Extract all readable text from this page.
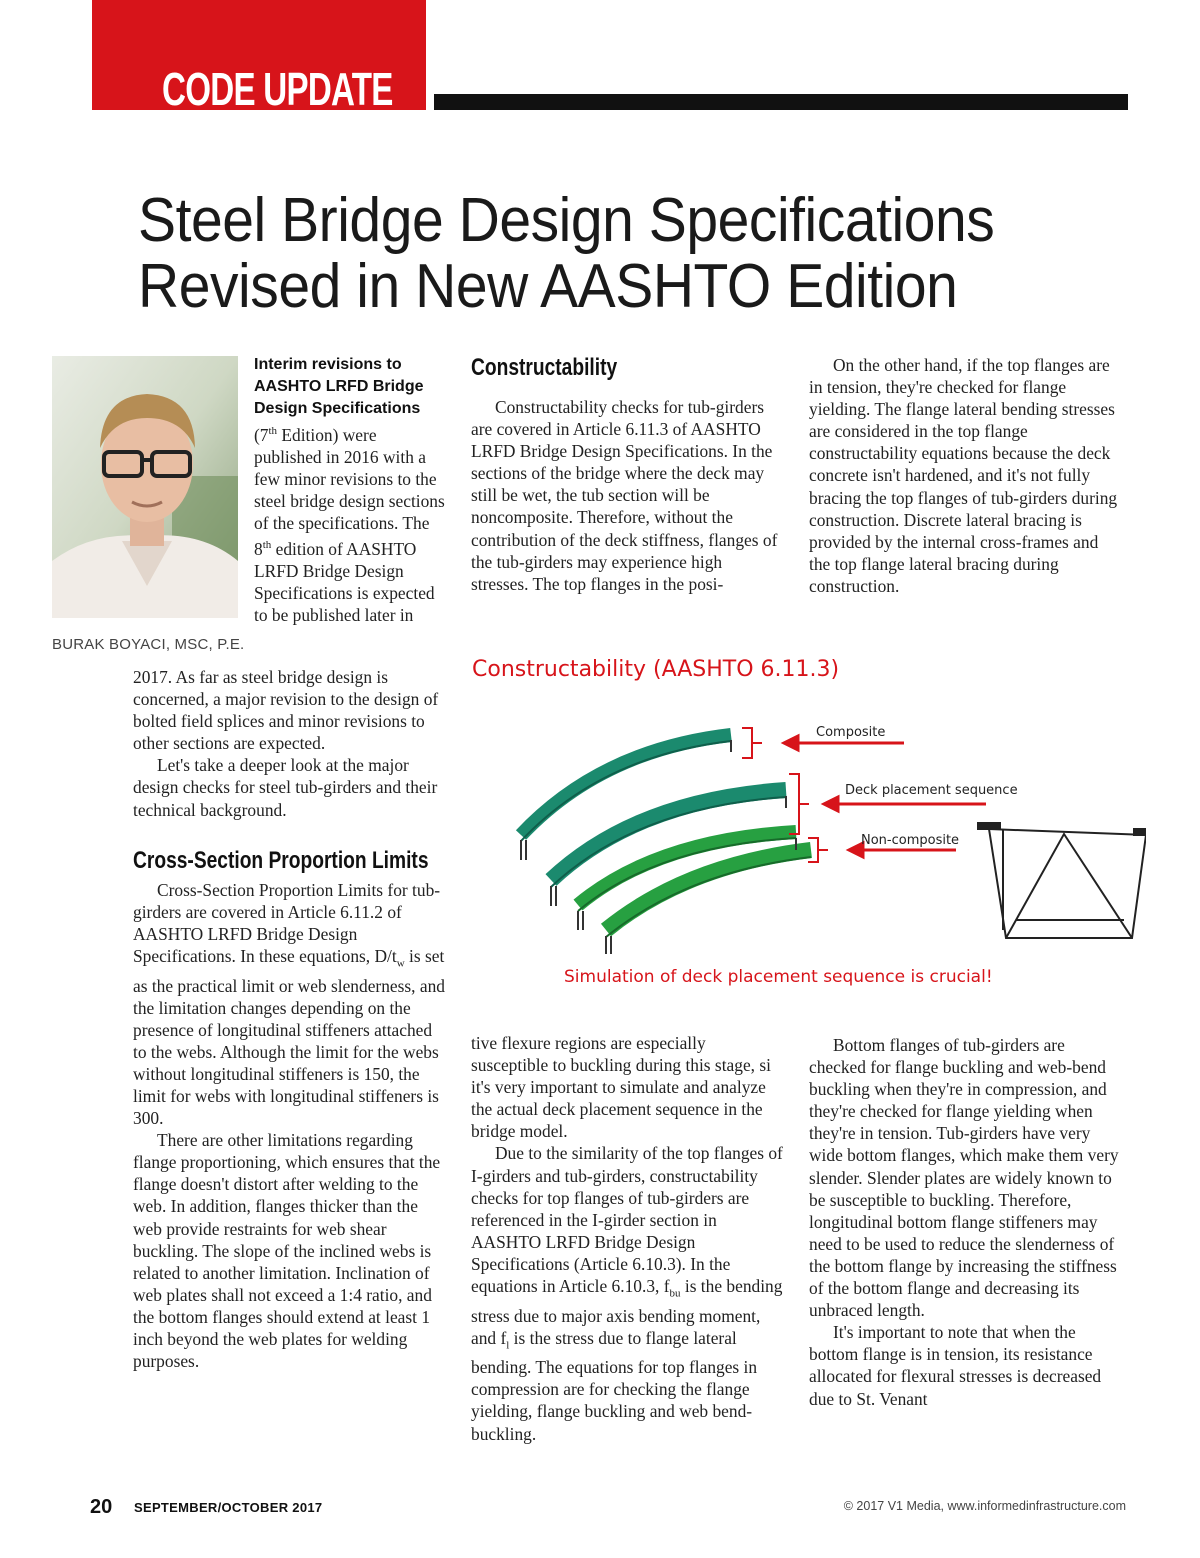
CODE UPDATE
Steel Bridge Design Specifications
Revised in New AASHTO Edition
BURAK BOYACI, MSC, P.E.

Interim revisions to AASHTO LRFD Bridge Design Specifications

(7th Edition) were published in 2016 with a few minor revisions to the steel bridge design sections of the specifications. The 8th edition of AASHTO LRFD Bridge Design Specifications is expected to be published later in

2017. As far as steel bridge design is concerned, a major revision to the design of bolted field splices and minor revisions to other sections are expected.

Let's take a deeper look at the major design checks for steel tub-girders and their technical background.

Cross-Section Proportion Limits

Cross-Section Proportion Limits for tub-girders are covered in Article 6.11.2 of AASHTO LRFD Bridge Design Specifications. In these equations, $D/t_w$ is set as the practical limit or web slenderness, and the limitation changes depending on the presence of longitudinal stiffeners attached to the webs. Although the limit for the webs without longitudinal stiffeners is 150, the limit for webs with longitudinal stiffeners is 300.

There are other limitations regarding flange proportioning, which ensures that the flange doesn't distort after welding to the web. In addition, flanges thicker than the web provide restraints for web shear buckling. The slope of the inclined webs is related to another limitation. Inclination of web plates shall not exceed a 1:4 ratio, and the bottom flanges should extend at least 1 inch beyond the web plates for welding purposes.

Constructability

Constructability checks for tub-girders are covered in Article 6.11.3 of AASHTO LRFD Bridge Design Specifications. In the sections of the bridge where the deck may still be wet, the tub section will be noncomposite. Therefore, without the contribution of the deck stiffness, flanges of the tub-girders may experience high stresses. The top flanges in the posi-

On the other hand, if the top flanges are in tension, they're checked for flange yielding. The flange lateral bending stresses are considered in the top flange constructability equations because the deck concrete isn't hardened, and it's not fully bracing the top flanges of tub-girders during construction. Discrete lateral bracing is provided by the internal cross-frames and the top flange lateral bracing during construction.

Constructability (AASHTO 6.11.3)
Composite
Deck placement sequence
Non-composite
Simulation of deck placement sequence is crucial!

tive flexure regions are especially susceptible to buckling during this stage, si it's very important to simulate and analyze the actual deck placement sequence in the bridge model.

Due to the similarity of the top flanges of I-girders and tub-girders, constructability checks for top flanges of tub-girders are referenced in the I-girder section in AASHTO LRFD Bridge Design Specifications (Article 6.10.3). In the equations in Article 6.10.3, $f_{bu}$ is the bending stress due to major axis bending moment, and $f_l$ is the stress due to flange lateral bending. The equations for top flanges in compression are for checking the flange yielding, flange buckling and web bend-buckling.

Bottom flanges of tub-girders are checked for flange buckling and web-bend buckling when they're in compression, and they're checked for flange yielding when they're in tension. Tub-girders have very wide bottom flanges, which make them very slender. Slender plates are widely known to be susceptible to buckling. Therefore, longitudinal bottom flange stiffeners may need to be used to reduce the slenderness of the bottom flange by increasing the stiffness of the bottom flange and decreasing its unbraced length.

It's important to note that when the bottom flange is in tension, its resistance allocated for flexural stresses is decreased due to St. Venant

20 SEPTEMBER/OCTOBER 2017	© 2017 V1 Media, www.informedinfrastructure.com
